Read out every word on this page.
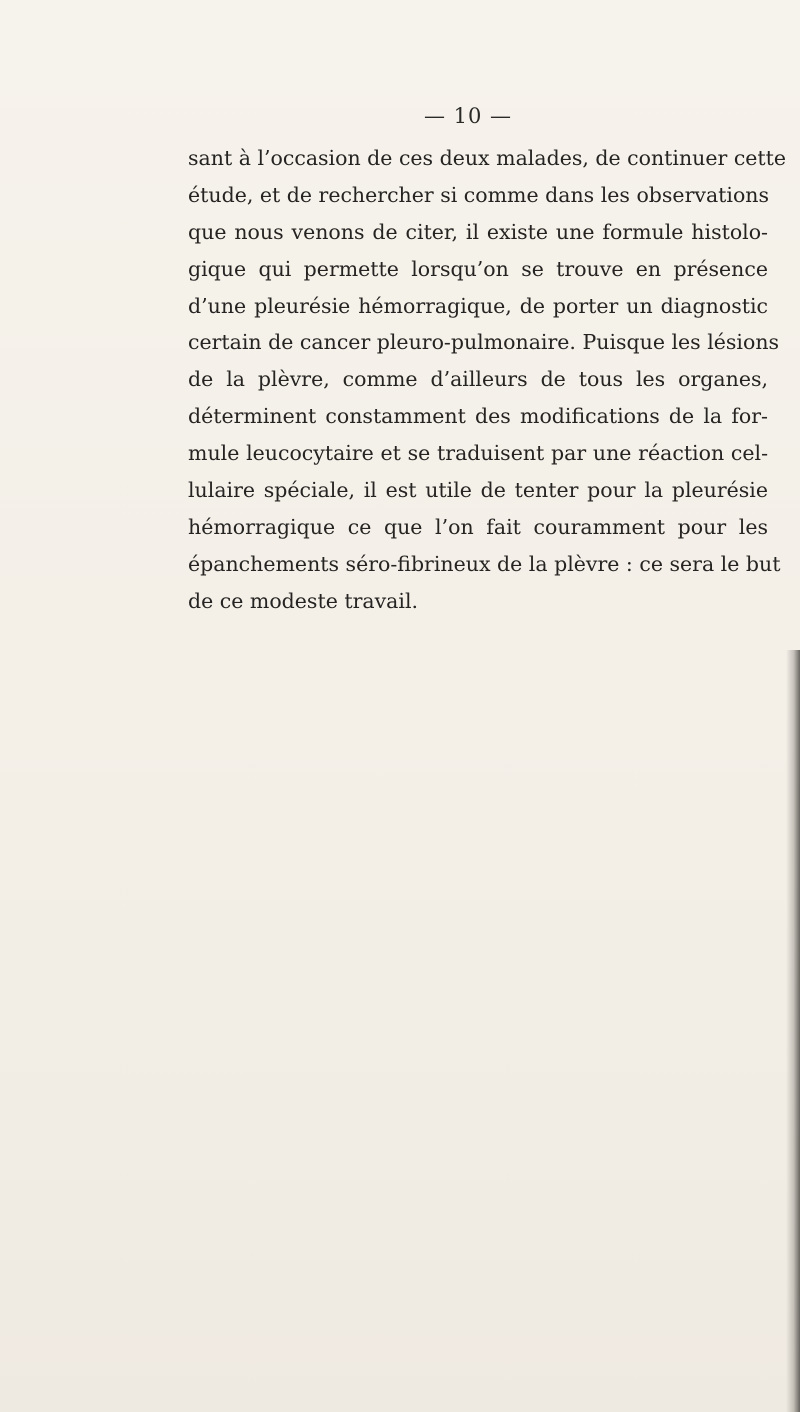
— 10 —
sant à l’occasion de ces deux malades, de continuer cette
étude, et de rechercher si comme dans les observations
que nous venons de citer, il existe une formule histolo-
gique qui permette lorsqu’on se trouve en présence
d’une pleurésie hémorragique, de porter un diagnostic
certain de cancer pleuro-pulmonaire. Puisque les lésions
de la plèvre, comme d’ailleurs de tous les organes,
déterminent constamment des modifications de la for-
mule leucocytaire et se traduisent par une réaction cel-
lulaire spéciale, il est utile de tenter pour la pleurésie
hémorragique ce que l’on fait couramment pour les
épanchements séro-fibrineux de la plèvre : ce sera le but
de ce modeste travail.
